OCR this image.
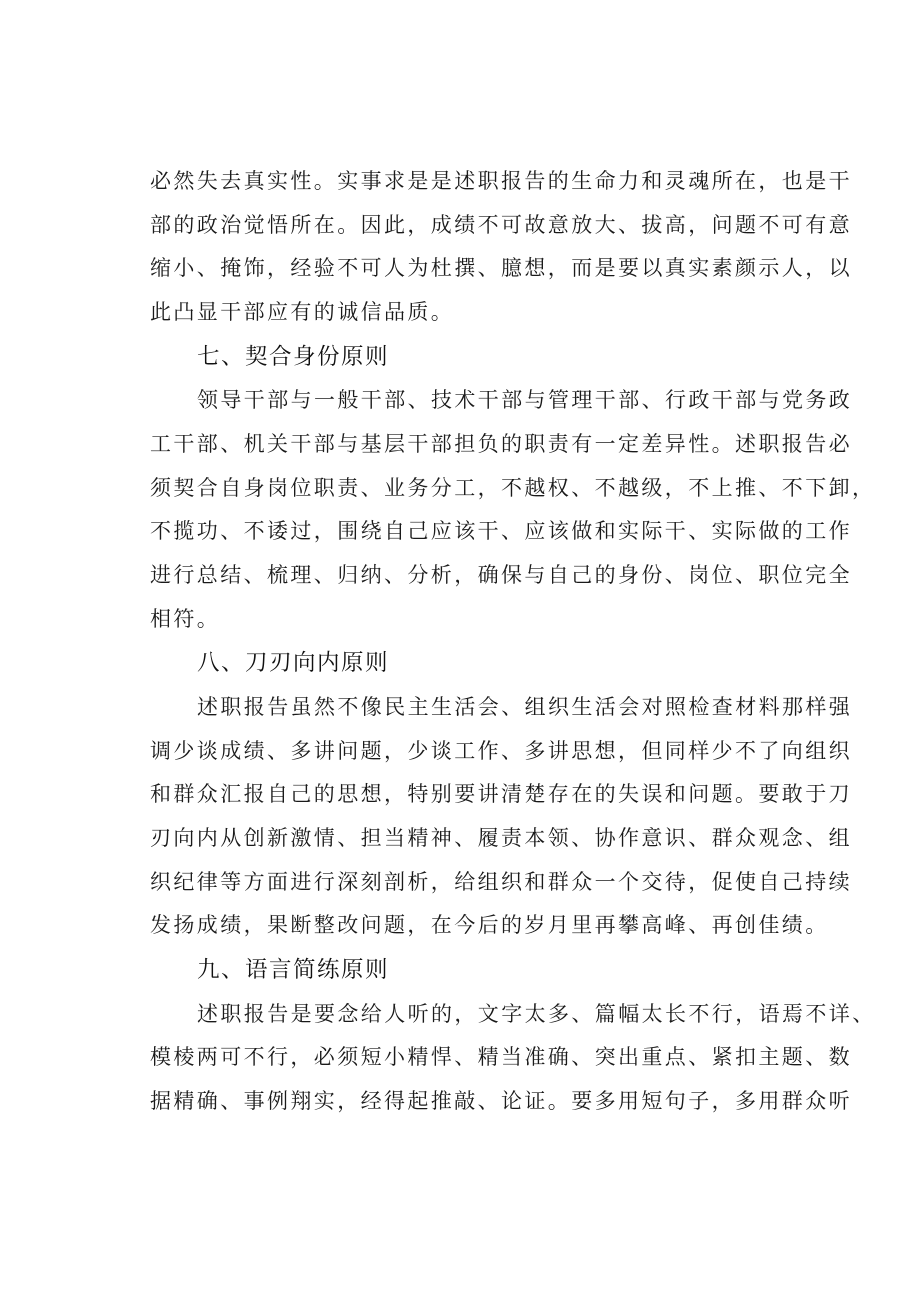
必然失去真实性。实事求是是述职报告的生命力和灵魂所在，也是干
部的政治觉悟所在。因此，成绩不可故意放大、拔高，问题不可有意
缩小、掩饰，经验不可人为杜撰、臆想，而是要以真实素颜示人，以
此凸显干部应有的诚信品质。
七、契合身份原则
领导干部与一般干部、技术干部与管理干部、行政干部与党务政
工干部、机关干部与基层干部担负的职责有一定差异性。述职报告必
须契合自身岗位职责、业务分工，不越权、不越级，不上推、不下卸，
不揽功、不诿过，围绕自己应该干、应该做和实际干、实际做的工作
进行总结、梳理、归纳、分析，确保与自己的身份、岗位、职位完全
相符。
八、刀刃向内原则
述职报告虽然不像民主生活会、组织生活会对照检查材料那样强
调少谈成绩、多讲问题，少谈工作、多讲思想，但同样少不了向组织
和群众汇报自己的思想，特别要讲清楚存在的失误和问题。要敢于刀
刃向内从创新激情、担当精神、履责本领、协作意识、群众观念、组
织纪律等方面进行深刻剖析，给组织和群众一个交待，促使自己持续
发扬成绩，果断整改问题，在今后的岁月里再攀高峰、再创佳绩。
九、语言简练原则
述职报告是要念给人听的，文字太多、篇幅太长不行，语焉不详、
模棱两可不行，必须短小精悍、精当准确、突出重点、紧扣主题、数
据精确、事例翔实，经得起推敲、论证。要多用短句子，多用群众听
